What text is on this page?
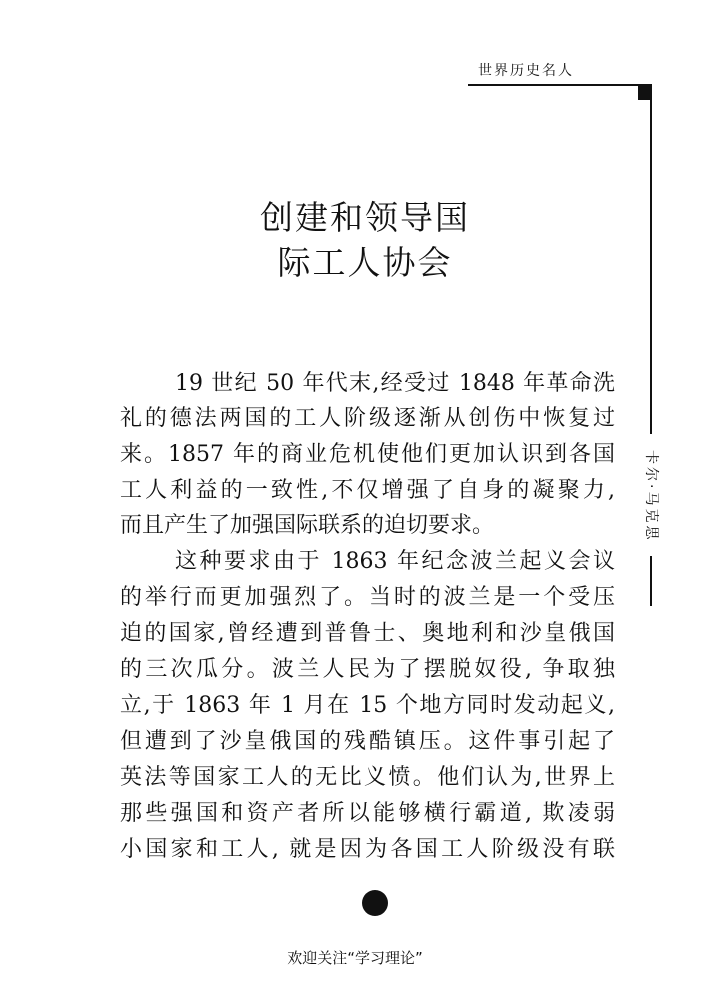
世界历史名人
卡尔·马克思
创建和领导国
际工人协会
19 世纪 50 年代末,经受过 1848 年革命洗
礼的德法两国的工人阶级逐渐从创伤中恢复过
来。1857 年的商业危机使他们更加认识到各国
工人利益的一致性,不仅增强了自身的凝聚力,
而且产生了加强国际联系的迫切要求。
这种要求由于 1863 年纪念波兰起义会议
的举行而更加强烈了。当时的波兰是一个受压
迫的国家,曾经遭到普鲁士、奥地利和沙皇俄国
的三次瓜分。波兰人民为了摆脱奴役, 争取独
立,于 1863 年 1 月在 15 个地方同时发动起义,
但遭到了沙皇俄国的残酷镇压。这件事引起了
英法等国家工人的无比义愤。他们认为,世界上
那些强国和资产者所以能够横行霸道, 欺凌弱
小国家和工人, 就是因为各国工人阶级没有联
欢迎关注“学习理论”
